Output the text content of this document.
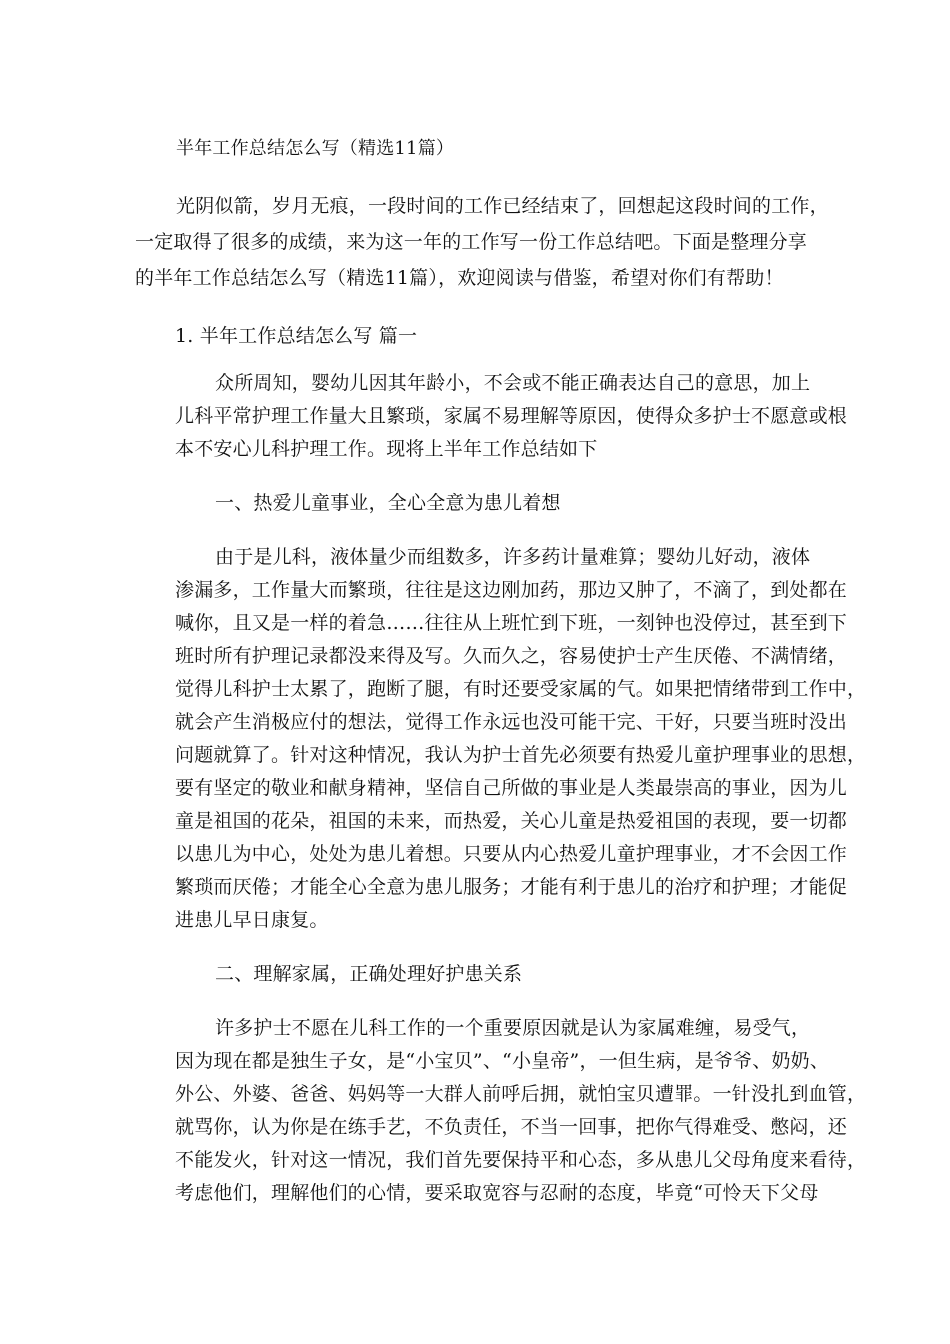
半年工作总结怎么写（精选11篇）
光阴似箭，岁月无痕，一段时间的工作已经结束了，回想起这段时间的工作，
一定取得了很多的成绩，来为这一年的工作写一份工作总结吧。下面是整理分享
的半年工作总结怎么写（精选11篇），欢迎阅读与借鉴，希望对你们有帮助！
1. 半年工作总结怎么写 篇一
众所周知，婴幼儿因其年龄小，不会或不能正确表达自己的意思，加上
儿科平常护理工作量大且繁琐，家属不易理解等原因，使得众多护士不愿意或根
本不安心儿科护理工作。现将上半年工作总结如下
一、热爱儿童事业，全心全意为患儿着想
由于是儿科，液体量少而组数多，许多药计量难算；婴幼儿好动，液体
渗漏多，工作量大而繁琐，往往是这边刚加药，那边又肿了，不滴了，到处都在
喊你，且又是一样的着急……往往从上班忙到下班，一刻钟也没停过，甚至到下
班时所有护理记录都没来得及写。久而久之，容易使护士产生厌倦、不满情绪，
觉得儿科护士太累了，跑断了腿，有时还要受家属的气。如果把情绪带到工作中，
就会产生消极应付的想法，觉得工作永远也没可能干完、干好，只要当班时没出
问题就算了。针对这种情况，我认为护士首先必须要有热爱儿童护理事业的思想，
要有坚定的敬业和献身精神，坚信自己所做的事业是人类最崇高的事业，因为儿
童是祖国的花朵，祖国的未来，而热爱，关心儿童是热爱祖国的表现，要一切都
以患儿为中心，处处为患儿着想。只要从内心热爱儿童护理事业，才不会因工作
繁琐而厌倦；才能全心全意为患儿服务；才能有利于患儿的治疗和护理；才能促
进患儿早日康复。
二、理解家属，正确处理好护患关系
许多护士不愿在儿科工作的一个重要原因就是认为家属难缠，易受气，
因为现在都是独生子女，是“小宝贝”、“小皇帝”，一但生病，是爷爷、奶奶、
外公、外婆、爸爸、妈妈等一大群人前呼后拥，就怕宝贝遭罪。一针没扎到血管，
就骂你，认为你是在练手艺，不负责任，不当一回事，把你气得难受、憋闷，还
不能发火，针对这一情况，我们首先要保持平和心态，多从患儿父母角度来看待，
考虑他们，理解他们的心情，要采取宽容与忍耐的态度，毕竟“可怜天下父母
